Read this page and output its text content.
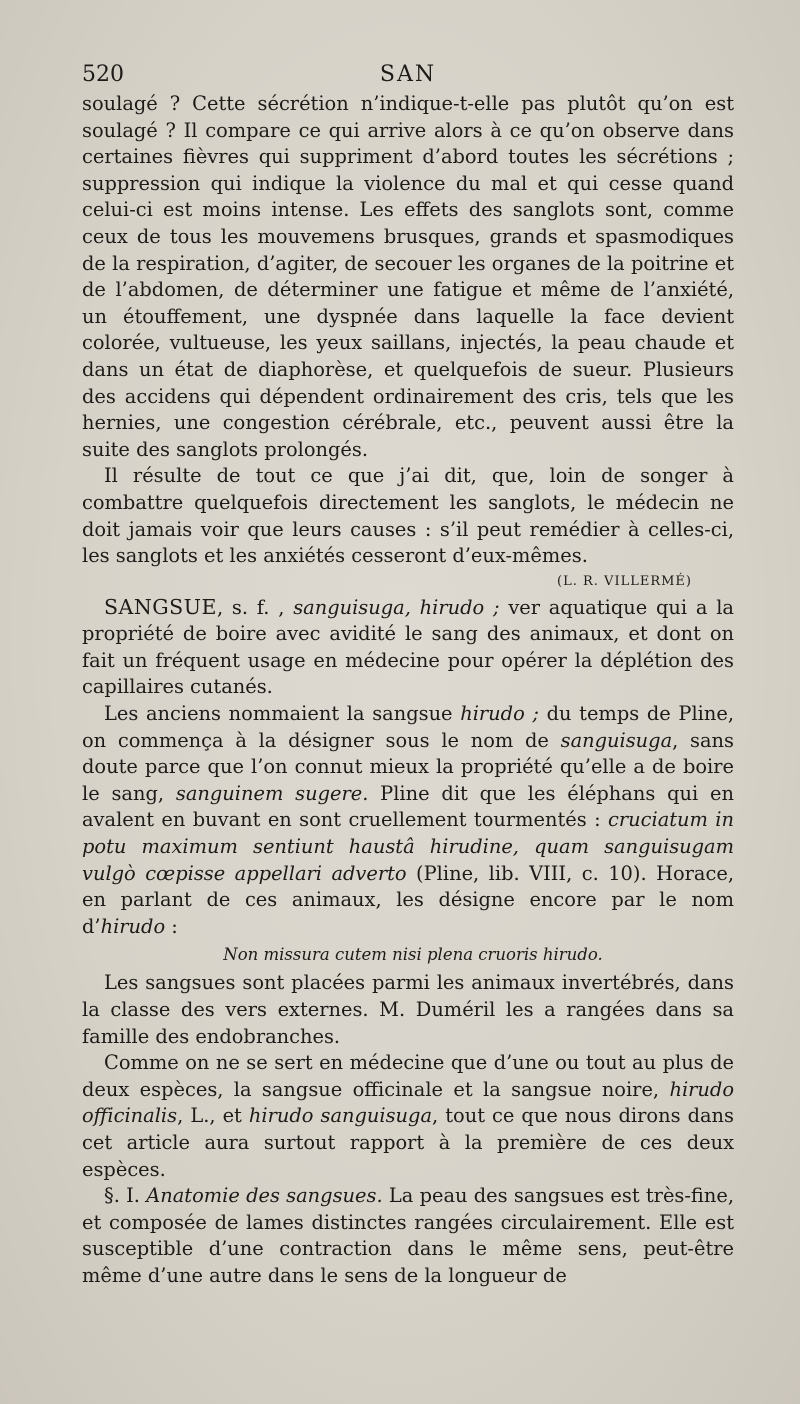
520	SAN

soulagé ? Cette sécrétion n’indique-t-elle pas plutôt qu’on est soulagé ? Il compare ce qui arrive alors à ce qu’on observe dans certaines fièvres qui suppriment d’abord toutes les sécrétions ; suppression qui indique la violence du mal et qui cesse quand celui-ci est moins intense. Les effets des sanglots sont, comme ceux de tous les mouvemens brusques, grands et spasmodiques de la respiration, d’agiter, de secouer les organes de la poitrine et de l’abdomen, de déterminer une fatigue et même de l’anxiété, un étouffement, une dyspnée dans laquelle la face devient colorée, vultueuse, les yeux saillans, injectés, la peau chaude et dans un état de diaphorèse, et quelquefois de sueur. Plusieurs des accidens qui dépendent ordinairement des cris, tels que les hernies, une congestion cérébrale, etc., peuvent aussi être la suite des sanglots prolongés.

Il résulte de tout ce que j’ai dit, que, loin de songer à combattre quelquefois directement les sanglots, le médecin ne doit jamais voir que leurs causes : s’il peut remédier à celles-ci, les sanglots et les anxiétés cesseront d’eux-mêmes.

(L. R. VILLERMÉ)

SANGSUE, s. f. , sanguisuga, hirudo ; ver aquatique qui a la propriété de boire avec avidité le sang des animaux, et dont on fait un fréquent usage en médecine pour opérer la déplétion des capillaires cutanés.

Les anciens nommaient la sangsue hirudo ; du temps de Pline, on commença à la désigner sous le nom de sanguisuga, sans doute parce que l’on connut mieux la propriété qu’elle a de boire le sang, sanguinem sugere. Pline dit que les éléphans qui en avalent en buvant en sont cruellement tourmentés : cruciatum in potu maximum sentiunt haustâ hirudine, quam sanguisugam vulgò cœpisse appellari adverto (Pline, lib. VIII, c. 10). Horace, en parlant de ces animaux, les désigne encore par le nom d’hirudo :

Non missura cutem nisi plena cruoris hirudo.

Les sangsues sont placées parmi les animaux invertébrés, dans la classe des vers externes. M. Duméril les a rangées dans sa famille des endobranches.

Comme on ne se sert en médecine que d’une ou tout au plus de deux espèces, la sangsue officinale et la sangsue noire, hirudo officinalis, L., et hirudo sanguisuga, tout ce que nous dirons dans cet article aura surtout rapport à la première de ces deux espèces.

§. I. Anatomie des sangsues. La peau des sangsues est très-fine, et composée de lames distinctes rangées circulairement. Elle est susceptible d’une contraction dans le même sens, peut-être même d’une autre dans le sens de la longueur de
